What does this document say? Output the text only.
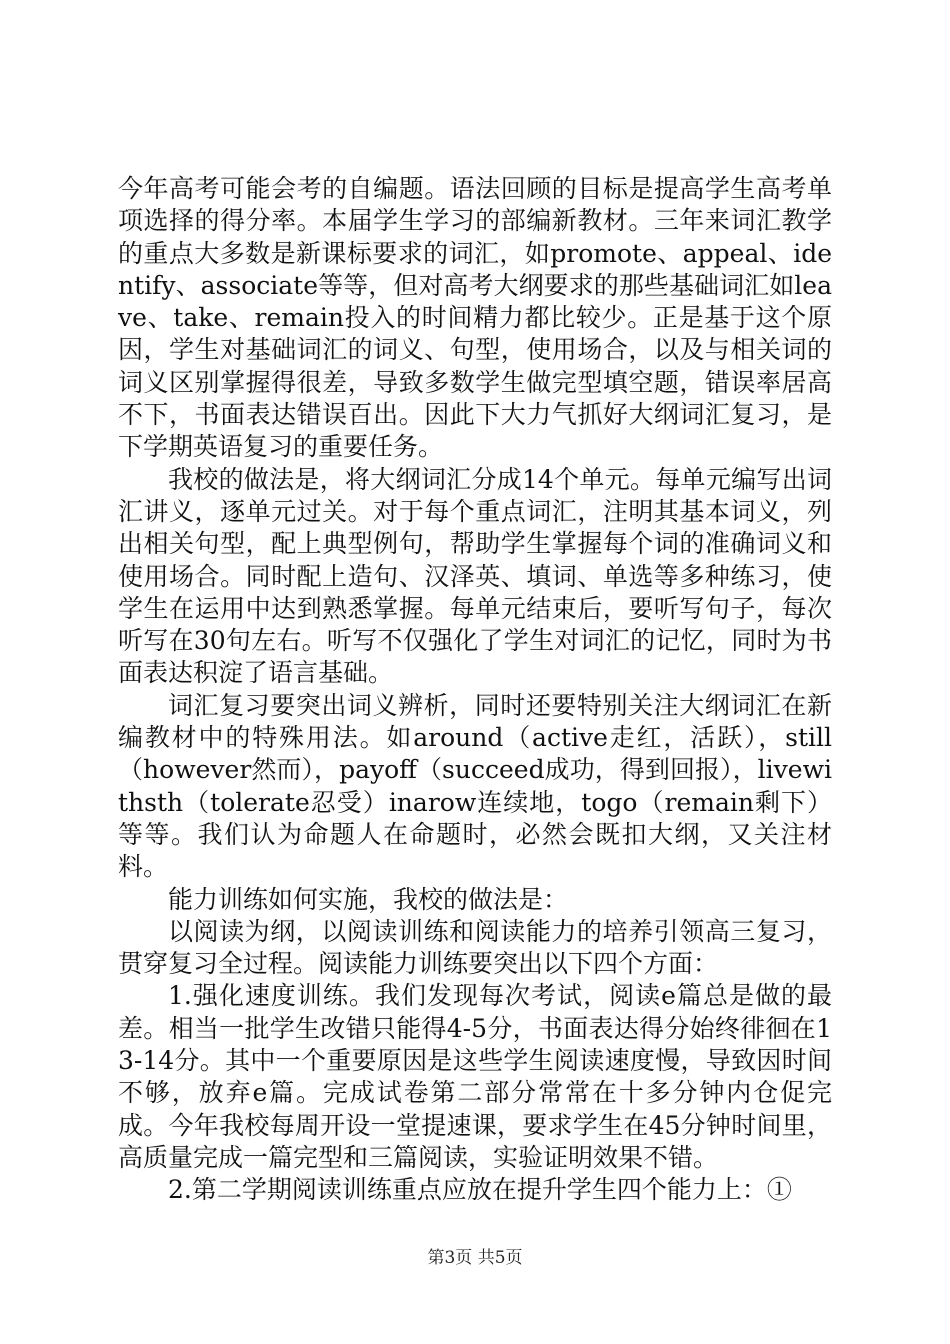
今年高考可能会考的自编题。语法回顾的目标是提高学生高考单项选择的得分率。本届学生学习的部编新教材。三年来词汇教学的重点大多数是新课标要求的词汇，如promote、appeal、identify、associate等等，但对高考大纲要求的那些基础词汇如leave、take、remain投入的时间精力都比较少。正是基于这个原因，学生对基础词汇的词义、句型，使用场合，以及与相关词的词义区别掌握得很差，导致多数学生做完型填空题，错误率居高不下，书面表达错误百出。因此下大力气抓好大纲词汇复习，是下学期英语复习的重要任务。

我校的做法是，将大纲词汇分成14个单元。每单元编写出词汇讲义，逐单元过关。对于每个重点词汇，注明其基本词义，列出相关句型，配上典型例句，帮助学生掌握每个词的准确词义和使用场合。同时配上造句、汉泽英、填词、单选等多种练习，使学生在运用中达到熟悉掌握。每单元结束后，要听写句子，每次听写在30句左右。听写不仅强化了学生对词汇的记忆，同时为书面表达积淀了语言基础。

词汇复习要突出词义辨析，同时还要特别关注大纲词汇在新编教材中的特殊用法。如around（active走红，活跃），still（however然而），payoff（succeed成功，得到回报），livewithsth（tolerate忍受）inarow连续地，togo（remain剩下）等等。我们认为命题人在命题时，必然会既扣大纲，又关注材料。

能力训练如何实施，我校的做法是：

以阅读为纲，以阅读训练和阅读能力的培养引领高三复习，贯穿复习全过程。阅读能力训练要突出以下四个方面：

1.强化速度训练。我们发现每次考试，阅读e篇总是做的最差。相当一批学生改错只能得4-5分，书面表达得分始终徘徊在13-14分。其中一个重要原因是这些学生阅读速度慢，导致因时间不够，放弃e篇。完成试卷第二部分常常在十多分钟内仓促完成。今年我校每周开设一堂提速课，要求学生在45分钟时间里，高质量完成一篇完型和三篇阅读，实验证明效果不错。

2.第二学期阅读训练重点应放在提升学生四个能力上：①

第3页 共5页
